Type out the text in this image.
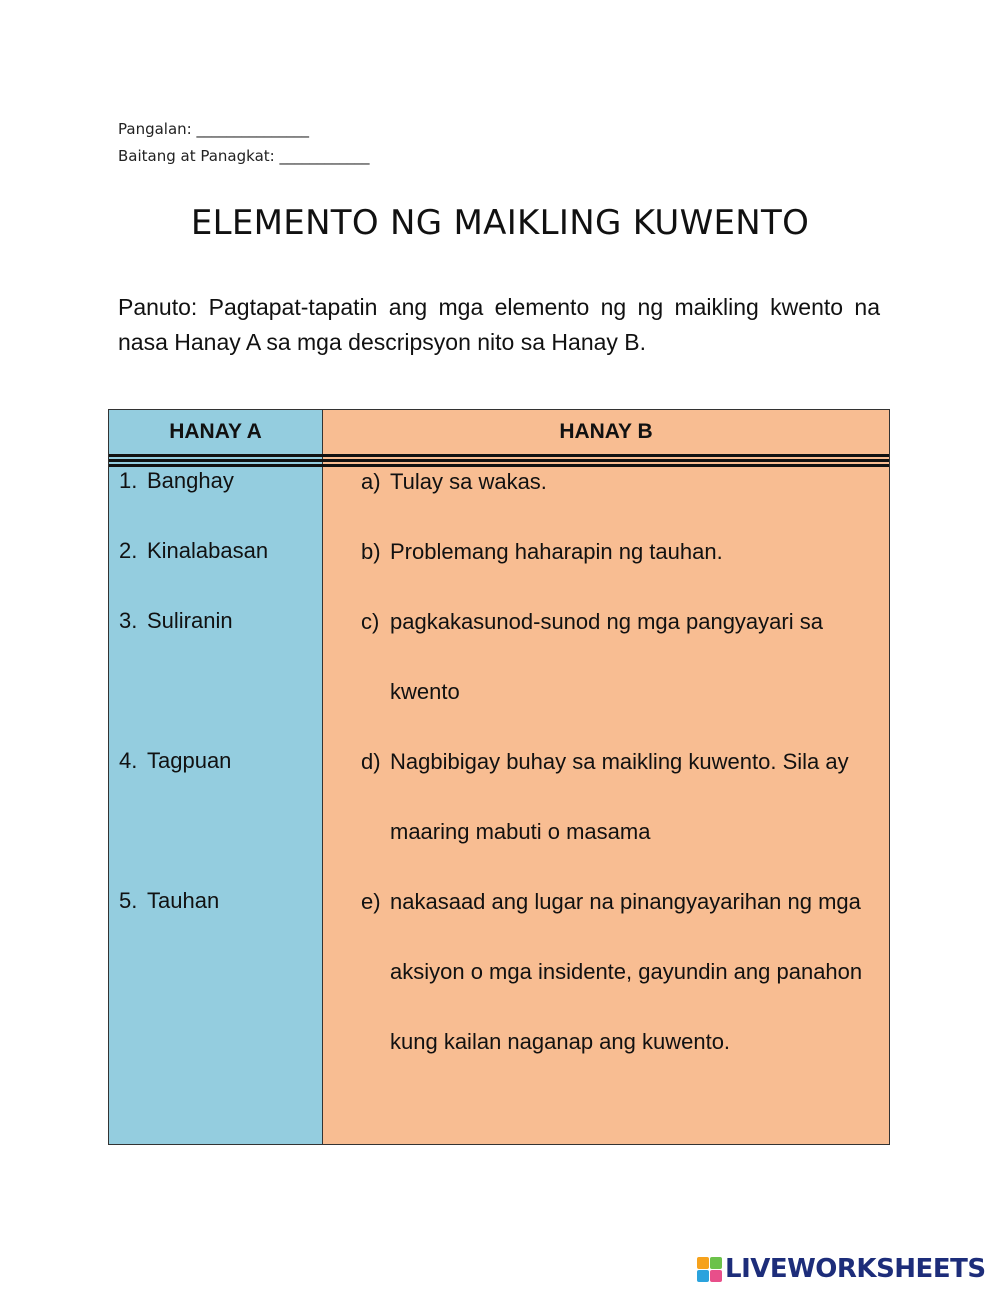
Pangalan: _______________
Baitang at Panagkat: ____________
ELEMENTO NG MAIKLING KUWENTO
Panuto: Pagtapat-tapatin ang mga elemento ng ng maikling kwento na nasa Hanay A sa mga descripsyon nito sa Hanay B.
HANAY A	HANAY B
1. Banghay
2. Kinalabasan
3. Suliranin
4. Tagpuan
5. Tauhan
a) Tulay sa wakas.
b) Problemang haharapin ng tauhan.
c) pagkakasunod-sunod ng mga pangyayari sa kwento
d) Nagbibigay buhay sa maikling kuwento. Sila ay maaring mabuti o masama
e) nakasaad ang lugar na pinangyayarihan ng mga aksiyon o mga insidente, gayundin ang panahon kung kailan naganap ang kuwento.
LIVEWORKSHEETS
